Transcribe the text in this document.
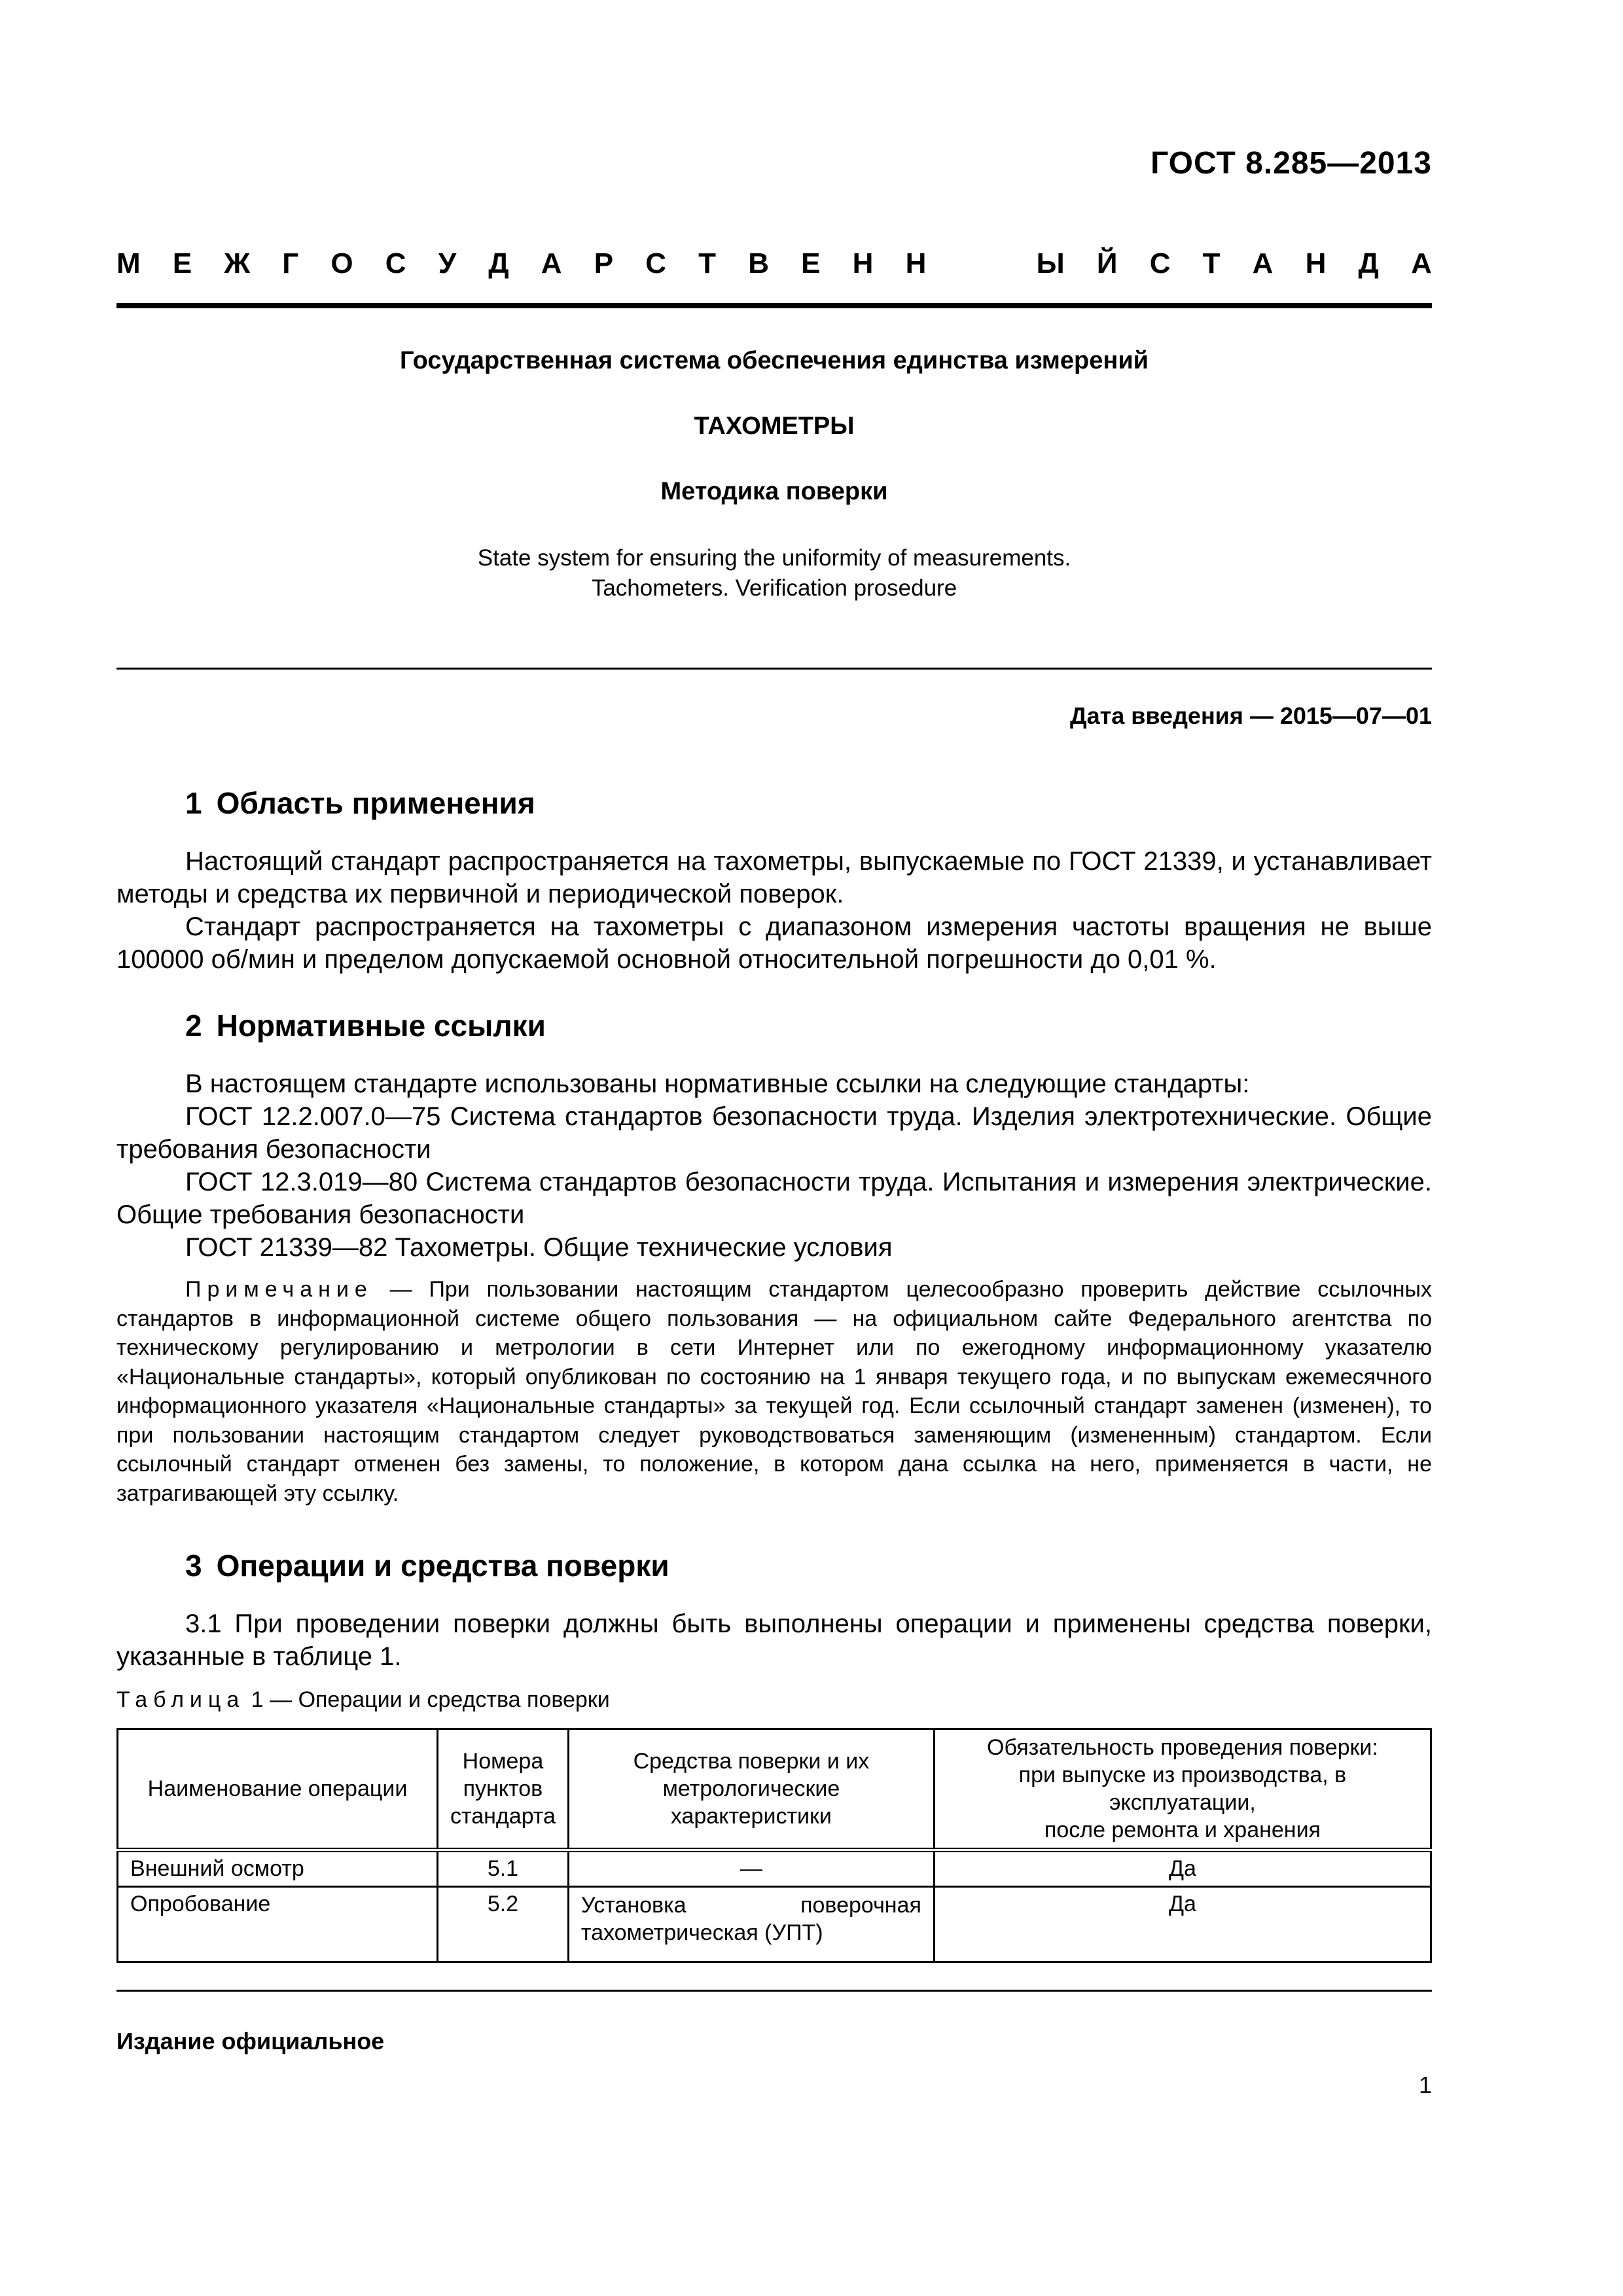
ГОСТ 8.285—2013

М Е Ж Г О С У Д А Р С Т В Е Н Н	Ы Й С Т А Н Д А

Государственная система обеспечения единства измерений

ТАХОМЕТРЫ

Методика поверки

State system for ensuring the uniformity of measurements.
Tachometers. Verification prosedure

Дата введения — 2015—07—01

1 Область применения

Настоящий стандарт распространяется на тахометры, выпускаемые по ГОСТ 21339, и устанавливает методы и средства их первичной и периодической поверок.

Стандарт распространяется на тахометры с диапазоном измерения частоты вращения не выше 100000 об/мин и пределом допускаемой основной относительной погрешности до 0,01 %.

2 Нормативные ссылки

В настоящем стандарте использованы нормативные ссылки на следующие стандарты:

ГОСТ 12.2.007.0—75 Система стандартов безопасности труда. Изделия электротехнические. Общие требования безопасности

ГОСТ 12.3.019—80 Система стандартов безопасности труда. Испытания и измерения электрические. Общие требования безопасности

ГОСТ 21339—82 Тахометры. Общие технические условия

Примечание — При пользовании настоящим стандартом целесообразно проверить действие ссылочных стандартов в информационной системе общего пользования — на официальном сайте Федерального агентства по техническому регулированию и метрологии в сети Интернет или по ежегодному информационному указателю «Национальные стандарты», который опубликован по состоянию на 1 января текущего года, и по выпускам ежемесячного информационного указателя «Национальные стандарты» за текущей год. Если ссылочный стандарт заменен (изменен), то при пользовании настоящим стандартом следует руководствоваться заменяющим (измененным) стандартом. Если ссылочный стандарт отменен без замены, то положение, в котором дана ссылка на него, применяется в части, не затрагивающей эту ссылку.

3 Операции и средства поверки

3.1 При проведении поверки должны быть выполнены операции и применены средства поверки, указанные в таблице 1.

Таблица 1 — Операции и средства поверки

Наименование операции	Номера
пунктов
стандарта	Средства поверки и их
метрологические
характеристики	Обязательность проведения поверки:
при выпуске из производства, в эксплуатации,
после ремонта и хранения
Внешний осмотр	5.1	—	Да
Опробование	5.2	Установка поверочная тахометрическая (УПТ)	Да

Издание официальное

1
